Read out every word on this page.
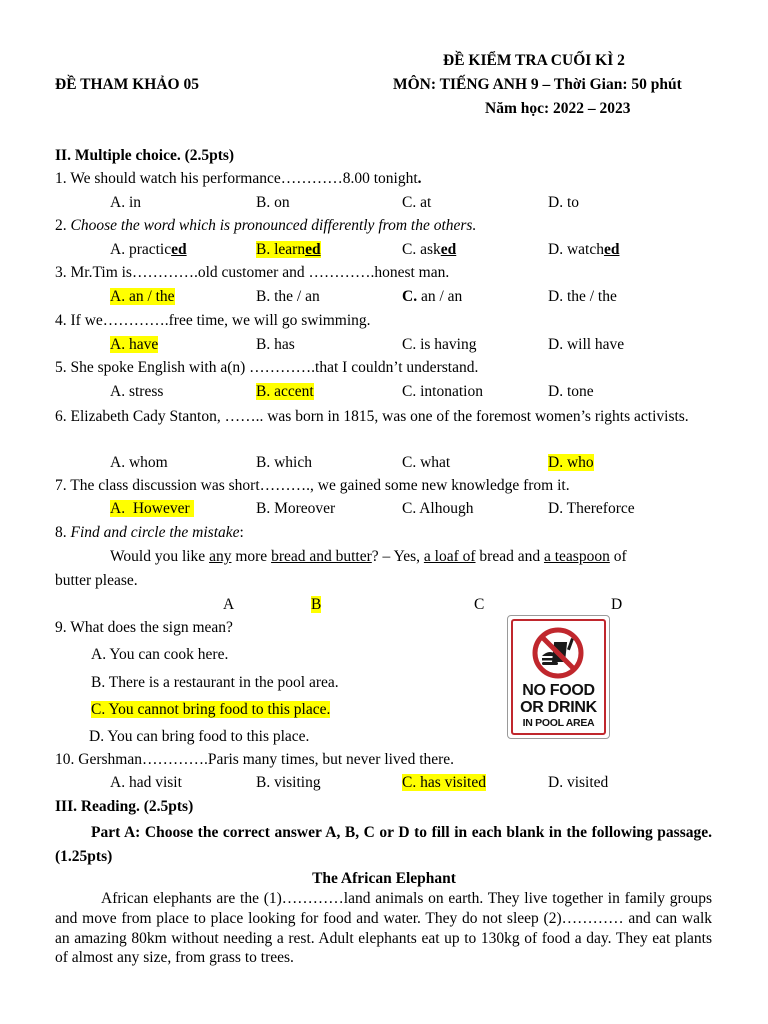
ĐỀ KIỂM TRA CUỐI KÌ 2
ĐỀ THAM KHẢO 05	MÔN: TIẾNG ANH 9 – Thời Gian: 50 phút
Năm học: 2022 – 2023
II. Multiple choice. (2.5pts)
1. We should watch his performance…………8.00 tonight.
A. in	B. on	C. at	D. to
2. Choose the word which is pronounced differently from the others.
A. practiced	B. learned	C. asked	D. watched
3. Mr.Tim is………….old customer and ………….honest man.
A. an / the	B. the / an	C. an / an	D. the / the
4. If we………….free time, we will go swimming.
A. have	B. has	C. is having	D. will have
5. She spoke English with a(n) ………….that I couldn’t understand.
A. stress	B. accent	C. intonation	D. tone
6. Elizabeth Cady Stanton, …….. was born in 1815, was one of the foremost women’s rights activists.
A. whom	B. which	C. what	D. who
7. The class discussion was short………., we gained some new knowledge from it.
A.  However	B. Moreover	C. Alhough	D. Thereforce
8. Find and circle the mistake:
Would you like any more bread and butter? – Yes, a loaf of bread and a teaspoon of
butter please.
A	B	C	D
9. What does the sign mean?
A. You can cook here.
B. There is a restaurant in the pool area.
C. You cannot bring food to this place.
D. You can bring food to this place.
NO FOOD
OR DRINK
IN POOL AREA
10. Gershman………….Paris many times, but never lived there.
A. had visit	B. visiting	C. has visited	D. visited
III. Reading. (2.5pts)
Part A: Choose the correct answer A, B, C or D to fill in each blank in the following passage. (1.25pts)
The African Elephant
African elephants are the (1)…………land animals on earth. They live together in family groups and move from place to place looking for food and water. They do not sleep (2)………… and can walk an amazing 80km without needing a rest. Adult elephants eat up to 130kg of food a day. They eat plants of almost any size, from grass to trees.
